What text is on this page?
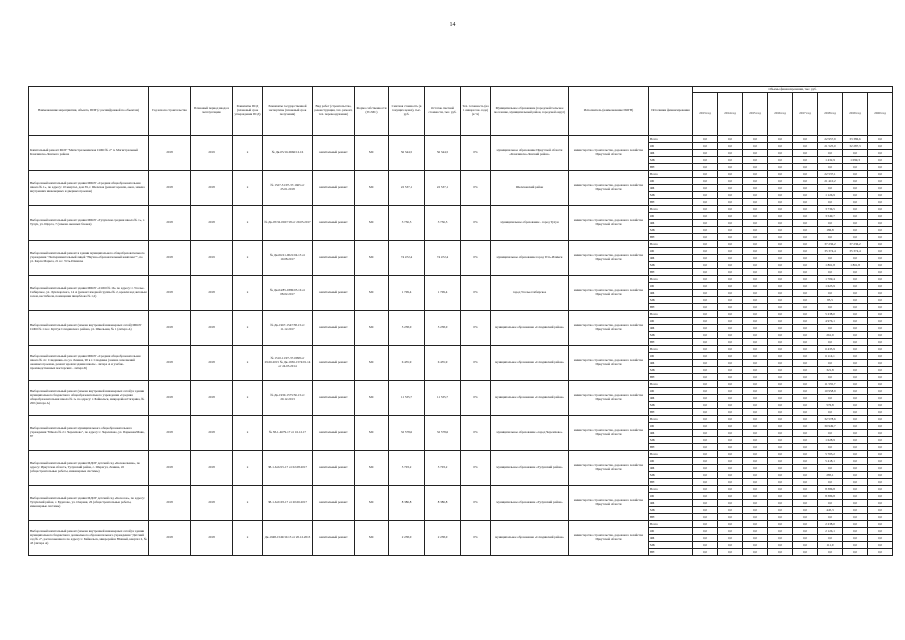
14
Наименование мероприятия, объекта, ПИР (с расшифровкой по объектам)	Год начала строительства	Плановый период ввода в эксплуатацию	Реквизиты ПСД (плановый срок утверждения ПСД)	Реквизиты государственной экспертизы (плановый срок получения)	Вид работ (строительство, реконструкция, тех. ремонт, тех. перевооружение)	Форма собственности (ГС/МС)	Сметная стоимость (в текущих ценах), тыс. руб.	Остаток сметной стоимости, тыс. руб.	Тех. готовность (на 1 января тек. года) (в %)	Муниципальное образование (городской/сельское поселение, муниципальный район, городской округ)	Исполнитель (наименование ИОГВ)	Источники финансирования	Объемы финансирования, тыс. руб.							
													2013 год	2014 год	2015 год	2016 год	2017 год	2018 год	2019 год	2020 год
Капитальный ремонт МОУ "Магистральнинская СОШ № 2" п. Магистральный Казачинско-Ленского района	2018	2019	х	№ Дк-05/16-0666/12.16	капитальный ремонт	МС	56 344,5	56 344,5	0%	муниципальное образование Иркутской области «Казачинско-Ленский район»	министерство строительства, дорожного хозяйства Иркутской области	Всего	0,0	0,0	0,0	0,0	0,0	22 957,9	33 386,6	0,0
												ОБ	0,0	0,0	0,0	0,0	0,0	21 525,0	32 287,3	0,0
												ФБ	0,0	0,0	0,0	0,0	0,0	0,0	0,0	0,0
												МБ	0,0	0,0	0,0	0,0	0,0	1 432,9	1 099,3	0,0
												ВН	0,0	0,0	0,0	0,0	0,0	0,0	0,0	0,0
Выборочный капитальный ремонт здания МБОУ «Средняя общеобразовательная школа № 1», по адресу: 10 квартал, дом 39, г. Шелехов (ремонт кровли, окон, замена внутренних инженерных и дверных проемов)	2018	2018	х	№ 1527-31/97-37-1665 от 25.01.2018	капитальный ремонт	МС	22 537,1	22 537,1	0%	Шелеховский район	министерство строительства, дорожного хозяйства Иркутской области	Всего	0,0	0,0	0,0	0,0	0,0	22 537,1	0,0	0,0
												ОБ	0,0	0,0	0,0	0,0	0,0	21 410,2	0,0	0,0
												ФБ	0,0	0,0	0,0	0,0	0,0	0,0	0,0	0,0
												МБ	0,0	0,0	0,0	0,0	0,0	1 126,9	0,0	0,0
												ВН	0,0	0,0	0,0	0,0	0,0	0,0	0,0	0,0
Выборочный капитальный ремонт здания МБОУ «Тулунская средняя школа № 1», г. Тулун, ул. Щорса, 7 (замена оконных блоков)	2018	2018	х	№ Дк-05/32-0027/18 от 29.05.2017	капитальный ремонт	МС	3 736,5	3 736,5	0%	муниципальное образование - город Тулун	министерство строительства, дорожного хозяйства Иркутской области	Всего	0,0	0,0	0,0	0,0	0,0	3 736,5	0,0	0,0
												ОБ	0,0	0,0	0,0	0,0	0,0	3 549,7	0,0	0,0
												ФБ	0,0	0,0	0,0	0,0	0,0	0,0	0,0	0,0
												МБ	0,0	0,0	0,0	0,0	0,0	186,8	0,0	0,0
												ВН	0,0	0,0	0,0	0,0	0,0	0,0	0,0	0,0
Выборочный капитальный ремонт в здании муниципального общеобразовательного учреждения "Экспериментальный лицей "Научно-образовательный комплекс"", по ул. Карла Маркса, 21 в г. Усть-Илимске	2018	2019	х	№ Дк-06/21-0021/04.13 от 10.08.2017	капитальный ремонт	МС	74 472,4	74 472,4	0%	муниципальное образование город Усть-Илимск	министерство строительства, дорожного хозяйства Иркутской области	Всего	0,0	0,0	0,0	0,0	0,0	37 236,2	37 236,2	0,0
												ОБ	0,0	0,0	0,0	0,0	0,0	35 374,4	35 374,4	0,0
												ФБ	0,0	0,0	0,0	0,0	0,0	0,0	0,0	0,0
												МБ	0,0	0,0	0,0	0,0	0,0	1 861,8	1 861,8	0,0
												ВН	0,0	0,0	0,0	0,0	0,0	0,0	0,0	0,0
Выборочный капитальный ремонт здания МБОУ «СОШ № 16» по адресу: г. Усолье-Сибирское, ул. Луначарского, 14 А (ремонт входной группы № 2, кровли над актовым залом, вестибюля, помещения пищеблока № 1,2)	2018	2018	х	№ Дк-04/85-0386/05.16 от 08.02.2017	капитальный ремонт	МС	1 709,4	1 709,4	0%	город Усолье-Сибирское	министерство строительства, дорожного хозяйства Иркутской области	Всего	0,0	0,0	0,0	0,0	0,0	1 709,4	0,0	0,0
												ОБ	0,0	0,0	0,0	0,0	0,0	1 623,9	0,0	0,0
												ФБ	0,0	0,0	0,0	0,0	0,0	0,0	0,0	0,0
												МБ	0,0	0,0	0,0	0,0	0,0	85,5	0,0	0,0
												ВН	0,0	0,0	0,0	0,0	0,0	0,0	0,0	0,0
Выборочный капитальный ремонт (замена внутренней инженерных сетей) МБОУ СОШ № 1 пос. Култук Слюдянского района, ул. Школьная, № 1 (литера А)	2018	2018	х	№ Дк-1967-1547/38.13 от 11.12.2017	капитальный ремонт	МС	5 238,0	5 238,0	0%	муниципальное образование «Слюдянский район»	министерство строительства, дорожного хозяйства Иркутской области	Всего	0,0	0,0	0,0	0,0	0,0	5 238,0	0,0	0,0
												ОБ	0,0	0,0	0,0	0,0	0,0	4 976,1	0,0	0,0
												ФБ	0,0	0,0	0,0	0,0	0,0	0,0	0,0	0,0
												МБ	0,0	0,0	0,0	0,0	0,0	261,9	0,0	0,0
												ВН	0,0	0,0	0,0	0,0	0,0	0,0	0,0	0,0
Выборочный капитальный ремонт здания МБОУ «Средняя общеобразовательная школа № 4 г. Слюдянки» по ул. Ленина, 90 в г. Слюдянка (замена заполнений оконных проемов, ремонт кровли здания школы - литера А и учебно-производственных мастерских - литера Б)	2018	2018	х	№ 1510-11/97-37-0998 от 29.06.2015 № Дк-1936-1574/01.14 от 24.03.2014	капитальный ремонт	МС	6 435,9	6 435,9	0%	муниципальное образование «Слюдянский район»	министерство строительства, дорожного хозяйства Иркутской области	Всего	0,0	0,0	0,0	0,0	0,0	6 435,9	0,0	0,0
												ОБ	0,0	0,0	0,0	0,0	0,0	6 114,1	0,0	0,0
												ФБ	0,0	0,0	0,0	0,0	0,0	0,0	0,0	0,0
												МБ	0,0	0,0	0,0	0,0	0,0	321,8	0,0	0,0
												ВН	0,0	0,0	0,0	0,0	0,0	0,0	0,0	0,0
Выборочный капитальный ремонт (замена внутренней инженерных сетей) в здании муниципального бюджетного общеобразовательного учреждения «Средняя общеобразовательная школа № 1» по адресу: г. Байкальск, микрорайон Гагарина, № 200 (литера А)	2018	2018	х	№ Дк-1930-1575/36.13 от 20.12.2013	капитальный ремонт	МС	11 535,7	11 535,7	0%	муниципальное образование «Слюдянский район»	министерство строительства, дорожного хозяйства Иркутской области	Всего	0,0	0,0	0,0	0,0	0,0	11 535,7	0,0	0,0
												ОБ	0,0	0,0	0,0	0,0	0,0	10 958,9	0,0	0,0
												ФБ	0,0	0,0	0,0	0,0	0,0	0,0	0,0	0,0
												МБ	0,0	0,0	0,0	0,0	0,0	576,8	0,0	0,0
												ВН	0,0	0,0	0,0	0,0	0,0	0,0	0,0	0,0
Выборочный капитальный ремонт муниципального общеобразовательного учреждения "Школа № 2 г. Черемхово", по адресу: г. Черемхово, ул. Парковая/Маяк, 87	2018	2018	х	№ 38-1-4679-17 от 16.12.17	капитальный ремонт	МС	32 578,6	32 578,6	0%	муниципальное образование «город Черемхово»	министерство строительства, дорожного хозяйства Иркутской области	Всего	0,0	0,0	0,0	0,0	0,0	32 578,6	0,0	0,0
												ОБ	0,0	0,0	0,0	0,0	0,0	30 949,7	0,0	0,0
												ФБ	0,0	0,0	0,0	0,0	0,0	0,0	0,0	0,0
												МБ	0,0	0,0	0,0	0,0	0,0	1 628,9	0,0	0,0
												ВН	0,0	0,0	0,0	0,0	0,0	0,0	0,0	0,0
Выборочный капитальный ремонт здания МДОУ детский сад «Колокольчик», по адресу: Иркутская область, Тулунский район, с. Шерагул, Ленина, 45 (общестроительные работы, инженерные системы)	2018	2018	х	38-1-6-0215-17 от 02.08.2017	капитальный ремонт	МС	5 703,2	5 703,2	0%	муниципальное образование «Тулунский район»	министерство строительства, дорожного хозяйства Иркутской области	Всего	0,0	0,0	0,0	0,0	0,0	5 703,2	0,0	0,0
												ОБ	0,0	0,0	0,0	0,0	0,0	5 418,1	0,0	0,0
												ФБ	0,0	0,0	0,0	0,0	0,0	0,0	0,0	0,0
												МБ	0,0	0,0	0,0	0,0	0,0	285,1	0,0	0,0
												ВН	0,0	0,0	0,0	0,0	0,0	0,0	0,0	0,0
Выборочный капитальный ремонт здания МДОУ детский сад «Колосок», по адресу: Тулунский район, с. Будагово, ул. Озерная, 26 (общестроительные работы, инженерные системы)	2018	2018	х	38-1-6-0103-17 от 20.06.2017	капитальный ремонт	МС	8 386,8	8 386,8	0%	муниципальное образование «Тулунский район»	министерство строительства, дорожного хозяйства Иркутской области	Всего	0,0	0,0	0,0	0,0	0,0	8 386,8	0,0	0,0
												ОБ	0,0	0,0	0,0	0,0	0,0	8 386,8	0,0	0,0
												ФБ	0,0	0,0	0,0	0,0	0,0	0,0	0,0	0,0
												МБ	0,0	0,0	0,0	0,0	0,0	445,3	0,0	0,0
												ВН	0,0	0,0	0,0	0,0	0,0	0,0	0,0	0,0
Выборочный капитальный ремонт (замена внутренней инженерных сетей) в здании муниципального бюджетного дошкольного образовательного учреждения "Детский сад № 2", расположенного по адресу: г. Байкальск, микрорайон Южный, квартал 2, № 43 (литера А)	2018	2018	х	Дк-1948-1549/10.13 от 20.12.2013	капитальный ремонт	МС	2 238,0	2 238,0	0%	муниципальное образование «Слюдянский район»	министерство строительства, дорожного хозяйства Иркутской области	Всего	0,0	0,0	0,0	0,0	0,0	2 238,0	0,0	0,0
												ОБ	0,0	0,0	0,0	0,0	0,0	2 126,1	0,0	0,0
												ФБ	0,0	0,0	0,0	0,0	0,0	0,0	0,0	0,0
												МБ	0,0	0,0	0,0	0,0	0,0	111,9	0,0	0,0
												ВН	0,0	0,0	0,0	0,0	0,0	0,0	0,0	0,0
